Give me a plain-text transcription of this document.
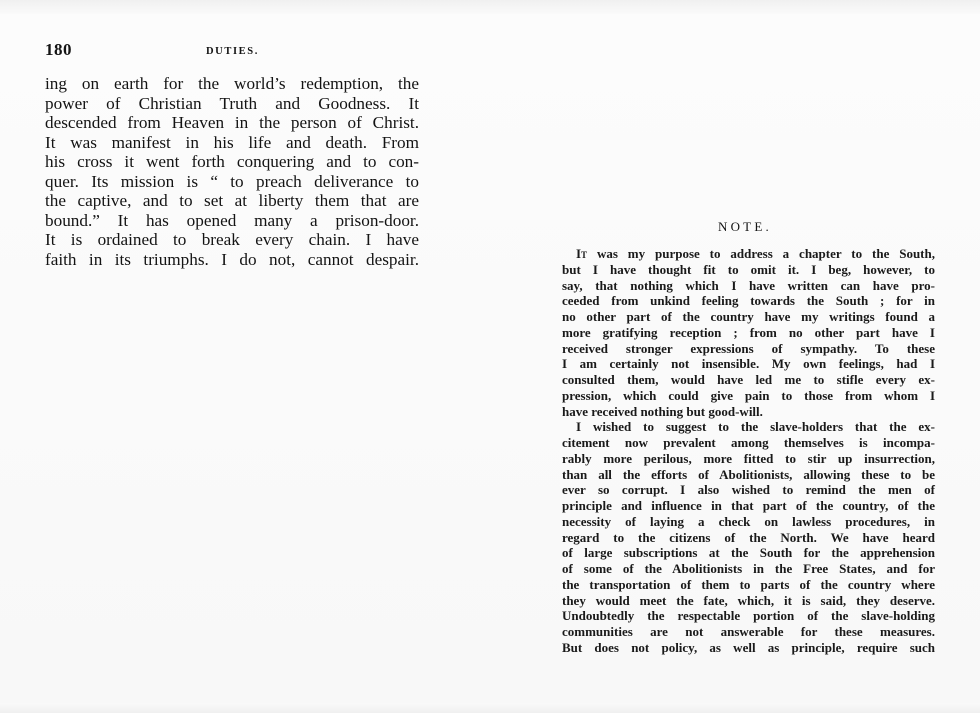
180	DUTIES.
ing on earth for the world’s redemption, the
power of Christian Truth and Goodness. It
descended from Heaven in the person of Christ.
It was manifest in his life and death. From
his cross it went forth conquering and to con-
quer. Its mission is “ to preach deliverance to
the captive, and to set at liberty them that are
bound.” It has opened many a prison-door.
It is ordained to break every chain. I have
faith in its triumphs. I do not, cannot despair.
NOTE.
It was my purpose to address a chapter to the South,
but I have thought fit to omit it. I beg, however, to
say, that nothing which I have written can have pro-
ceeded from unkind feeling towards the South ; for in
no other part of the country have my writings found a
more gratifying reception ; from no other part have I
received stronger expressions of sympathy. To these
I am certainly not insensible. My own feelings, had I
consulted them, would have led me to stifle every ex-
pression, which could give pain to those from whom I
have received nothing but good-will.
I wished to suggest to the slave-holders that the ex-
citement now prevalent among themselves is incompa-
rably more perilous, more fitted to stir up insurrection,
than all the efforts of Abolitionists, allowing these to be
ever so corrupt. I also wished to remind the men of
principle and influence in that part of the country, of the
necessity of laying a check on lawless procedures, in
regard to the citizens of the North. We have heard
of large subscriptions at the South for the apprehension
of some of the Abolitionists in the Free States, and for
the transportation of them to parts of the country where
they would meet the fate, which, it is said, they deserve.
Undoubtedly the respectable portion of the slave-holding
communities are not answerable for these measures.
But does not policy, as well as principle, require such
